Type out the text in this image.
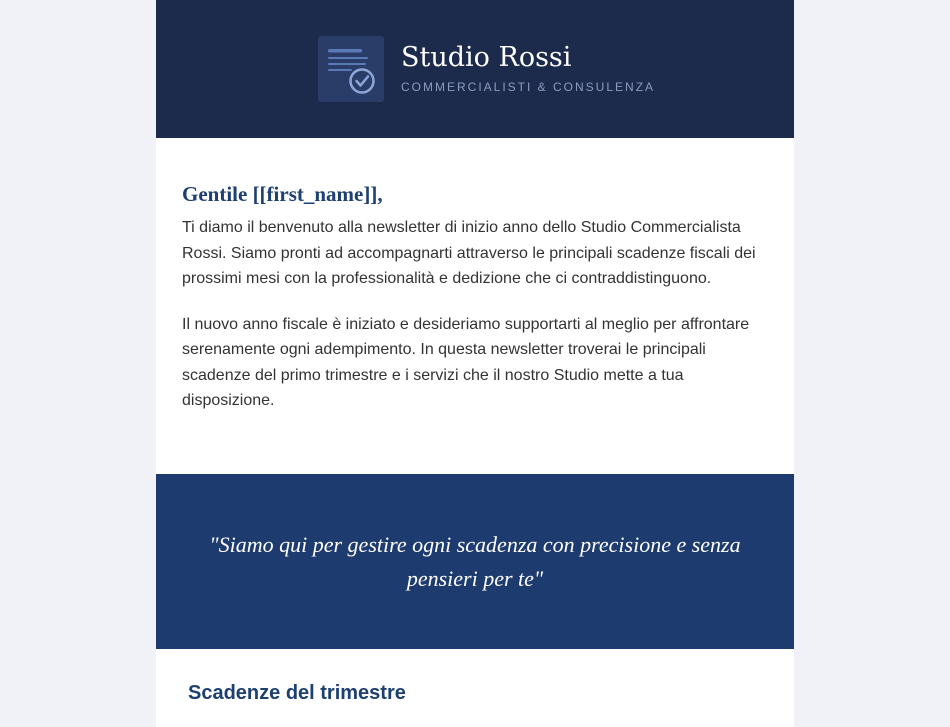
Studio Rossi
COMMERCIALISTI & CONSULENZA
Gentile [[first_name]],

Ti diamo il benvenuto alla newsletter di inizio anno dello Studio Commercialista Rossi. Siamo pronti ad accompagnarti attraverso le principali scadenze fiscali dei prossimi mesi con la professionalità e dedizione che ci contraddistinguono.

Il nuovo anno fiscale è iniziato e desideriamo supportarti al meglio per affrontare serenamente ogni adempimento. In questa newsletter troverai le principali scadenze del primo trimestre e i servizi che il nostro Studio mette a tua disposizione.

"Siamo qui per gestire ogni scadenza con precisione e senza pensieri per te"

Scadenze del trimestre
